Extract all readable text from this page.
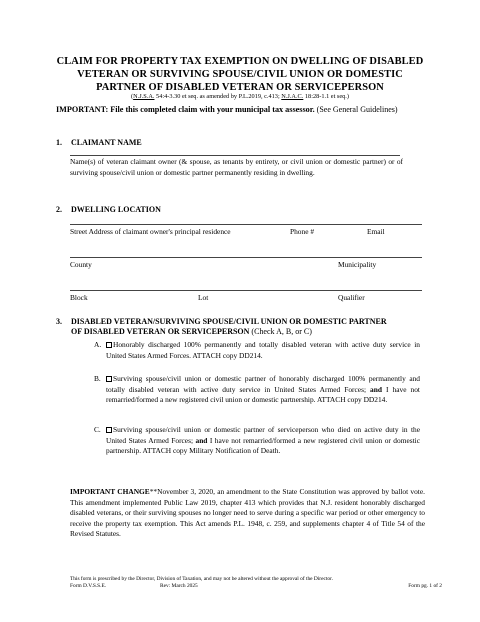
CLAIM FOR PROPERTY TAX EXEMPTION ON DWELLING OF DISABLED
VETERAN OR SURVIVING SPOUSE/CIVIL UNION OR DOMESTIC
PARTNER OF DISABLED VETERAN OR SERVICEPERSON
(N.J.S.A. 54:4-3.30 et seq. as amended by P.L.2019, c.413; N.J.A.C. 18:28-1.1 et seq.)
IMPORTANT: File this completed claim with your municipal tax assessor. (See General Guidelines)
1. CLAIMANT NAME
Name(s) of veteran claimant owner (& spouse, as tenants by entirety, or civil union or domestic partner) or of surviving spouse/civil union or domestic partner permanently residing in dwelling.
2. DWELLING LOCATION
Street Address of claimant owner's principal residence	Phone #	Email
County	Municipality
Block	Lot	Qualifier
3. DISABLED VETERAN/SURVIVING SPOUSE/CIVIL UNION OR DOMESTIC PARTNER
OF DISABLED VETERAN OR SERVICEPERSON (Check A, B, or C)
A.	Honorably discharged 100% permanently and totally disabled veteran with active duty service in United States Armed Forces. ATTACH copy DD214.
B.	Surviving spouse/civil union or domestic partner of honorably discharged 100% permanently and totally disabled veteran with active duty service in United States Armed Forces; and I have not remarried/formed a new registered civil union or domestic partnership. ATTACH copy DD214.
C.	Surviving spouse/civil union or domestic partner of serviceperson who died on active duty in the United States Armed Forces; and I have not remarried/formed a new registered civil union or domestic partnership. ATTACH copy Military Notification of Death.
IMPORTANT CHANGE**November 3, 2020, an amendment to the State Constitution was approved by ballot vote. This amendment implemented Public Law 2019, chapter 413 which provides that N.J. resident honorably discharged disabled veterans, or their surviving spouses no longer need to serve during a specific war period or other emergency to receive the property tax exemption. This Act amends P.L. 1948, c. 259, and supplements chapter 4 of Title 54 of the Revised Statutes.
This form is prescribed by the Director, Division of Taxation, and may not be altered without the approval of the Director.
Form D.V.S.S.E.	Rev: March 2025	Form pg. 1 of 2
